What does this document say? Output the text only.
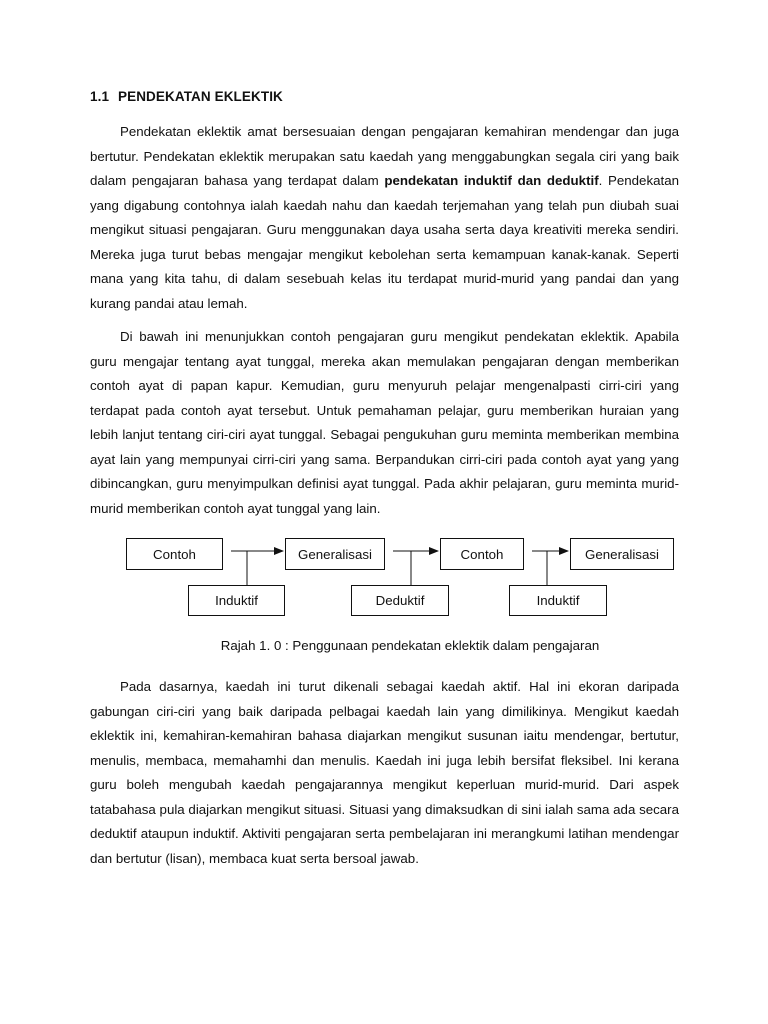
1.1 PENDEKATAN EKLEKTIK

Pendekatan eklektik amat bersesuaian dengan pengajaran kemahiran mendengar dan juga bertutur. Pendekatan eklektik merupakan satu kaedah yang menggabungkan segala ciri yang baik dalam pengajaran bahasa yang terdapat dalam pendekatan induktif dan deduktif. Pendekatan yang digabung contohnya ialah kaedah nahu dan kaedah terjemahan yang telah pun diubah suai mengikut situasi pengajaran. Guru menggunakan daya usaha serta daya kreativiti mereka sendiri. Mereka juga turut bebas mengajar mengikut kebolehan serta kemampuan kanak-kanak. Seperti mana yang kita tahu, di dalam sesebuah kelas itu terdapat murid-murid yang pandai dan yang kurang pandai atau lemah.

Di bawah ini menunjukkan contoh pengajaran guru mengikut pendekatan eklektik. Apabila guru mengajar tentang ayat tunggal, mereka akan memulakan pengajaran dengan memberikan contoh ayat di papan kapur. Kemudian, guru menyuruh pelajar mengenalpasti cirri-ciri yang terdapat pada contoh ayat tersebut. Untuk pemahaman pelajar, guru memberikan huraian yang lebih lanjut tentang ciri-ciri ayat tunggal. Sebagai pengukuhan guru meminta memberikan membina ayat lain yang mempunyai cirri-ciri yang sama. Berpandukan cirri-ciri pada contoh ayat yang yang dibincangkan, guru menyimpulkan definisi ayat tunggal. Pada akhir pelajaran, guru meminta murid-murid memberikan contoh ayat tunggal yang lain.

Contoh	Generalisasi	Contoh	Generalisasi
Induktif	Deduktif	Induktif
Rajah 1. 0 : Penggunaan pendekatan eklektik dalam pengajaran

Pada dasarnya, kaedah ini turut dikenali sebagai kaedah aktif. Hal ini ekoran daripada gabungan ciri-ciri yang baik daripada pelbagai kaedah lain yang dimilikinya. Mengikut kaedah eklektik ini, kemahiran-kemahiran bahasa diajarkan mengikut susunan iaitu mendengar, bertutur, menulis, membaca, memahamhi dan menulis. Kaedah ini juga lebih bersifat fleksibel. Ini kerana guru boleh mengubah kaedah pengajarannya mengikut keperluan murid-murid. Dari aspek tatabahasa pula diajarkan mengikut situasi. Situasi yang dimaksudkan di sini ialah sama ada secara deduktif ataupun induktif. Aktiviti pengajaran serta pembelajaran ini merangkumi latihan mendengar dan bertutur (lisan), membaca kuat serta bersoal jawab.
